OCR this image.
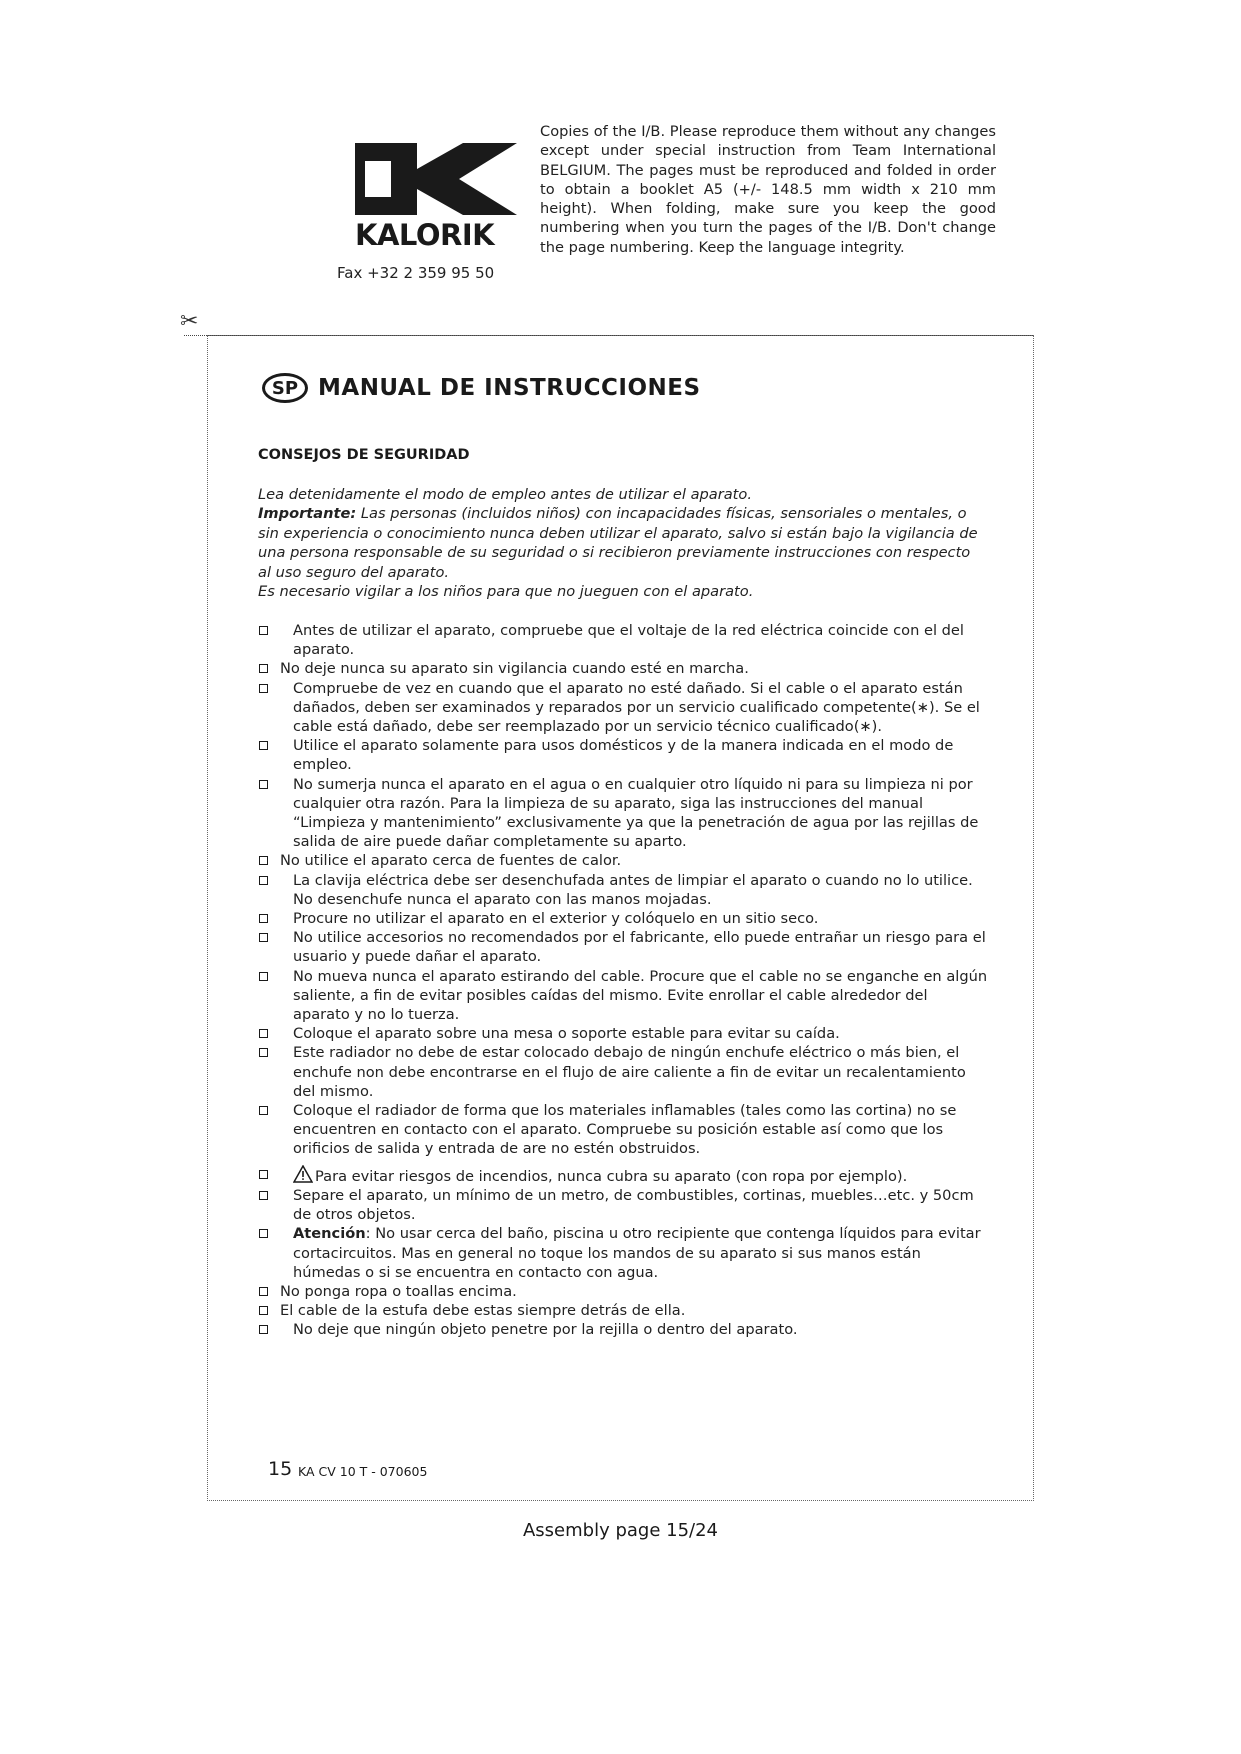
KALORIK
Fax +32 2 359 95 50
Copies of the I/B. Please reproduce them without any changes except under special instruction from Team International BELGIUM. The pages must be reproduced and folded in order to obtain a booklet A5 (+/- 148.5 mm width x 210 mm height). When folding, make sure you keep the good numbering when you turn the pages of the I/B. Don't change the page numbering. Keep the language integrity.
✂
SP MANUAL DE INSTRUCCIONES
CONSEJOS DE SEGURIDAD
Lea detenidamente el modo de empleo antes de utilizar el aparato.
Importante: Las personas (incluidos niños) con incapacidades físicas, sensoriales o mentales, o sin experiencia o conocimiento nunca deben utilizar el aparato, salvo si están bajo la vigilancia de una persona responsable de su seguridad o si recibieron previamente instrucciones con respecto al uso seguro del aparato.
Es necesario vigilar a los niños para que no jueguen con el aparato.
Antes de utilizar el aparato, compruebe que el voltaje de la red eléctrica coincide con el del aparato.
No deje nunca su aparato sin vigilancia cuando esté en marcha.
Compruebe de vez en cuando que el aparato no esté dañado. Si el cable o el aparato están dañados, deben ser examinados y reparados por un servicio cualificado competente(∗). Se el cable está dañado, debe ser reemplazado por un servicio técnico cualificado(∗).
Utilice el aparato solamente para usos domésticos y de la manera indicada en el modo de empleo.
No sumerja nunca el aparato en el agua o en cualquier otro líquido ni para su limpieza ni por cualquier otra razón. Para la limpieza de su aparato, siga las instrucciones del manual “Limpieza y mantenimiento” exclusivamente ya que la penetración de agua por las rejillas de salida de aire puede dañar completamente su aparto.
No utilice el aparato cerca de fuentes de calor.
La clavija eléctrica debe ser desenchufada antes de limpiar el aparato o cuando no lo utilice. No desenchufe nunca el aparato con las manos mojadas.
Procure no utilizar el aparato en el exterior y colóquelo en un sitio seco.
No utilice accesorios no recomendados por el fabricante, ello puede entrañar un riesgo para el usuario y puede dañar el aparato.
No mueva nunca el aparato estirando del cable. Procure que el cable no se enganche en algún saliente, a fin de evitar posibles caídas del mismo. Evite enrollar el cable alrededor del aparato y no lo tuerza.
Coloque el aparato sobre una mesa o soporte estable para evitar su caída.
Este radiador no debe de estar colocado debajo de ningún enchufe eléctrico o más bien, el enchufe non debe encontrarse en el flujo de aire caliente a fin de evitar un recalentamiento del mismo.
Coloque el radiador de forma que los materiales inflamables (tales como las cortina) no se encuentren en contacto con el aparato. Compruebe su posición estable así como que los orificios de salida y entrada de are no estén obstruidos.
Para evitar riesgos de incendios, nunca cubra su aparato (con ropa por ejemplo).
Separe el aparato, un mínimo de un metro, de combustibles, cortinas, muebles…etc. y 50cm de otros objetos.
Atención: No usar cerca del baño, piscina u otro recipiente que contenga líquidos para evitar cortacircuitos. Mas en general no toque los mandos de su aparato si sus manos están húmedas o si se encuentra en contacto con agua.
No ponga ropa o toallas encima.
El cable de la estufa debe estas siempre detrás de ella.
No deje que ningún objeto penetre por la rejilla o dentro del aparato.
15 KA CV 10 T - 070605
Assembly page 15/24
